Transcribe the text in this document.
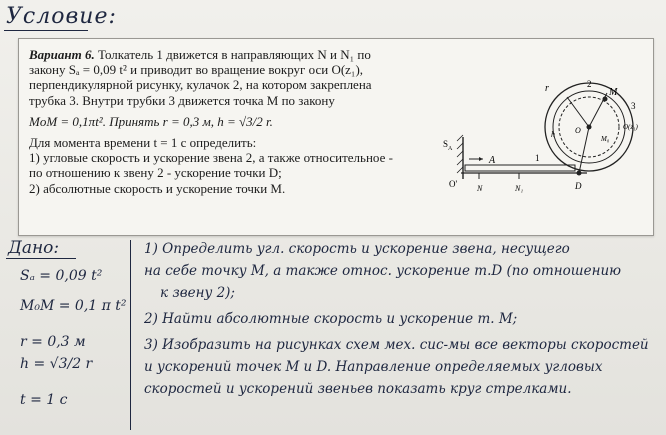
Условие:

Вариант 6. Толкатель 1 движется в направляющих N и N₁ по

закону Sₐ = 0,09 t² и приводит во вращение вокруг оси O(z₁),

перпендикулярной рисунку, кулачок 2, на котором закреплена

трубка 3. Внутри трубки 3 движется точка M по закону

MoM = 0,1πt². Принять r = 0,3 м, h = √3/2 r.

Для момента времени t = 1 с определить:

1) угловые скорость и ускорение звена 2, а также относительное -

по отношению к звену 2 - ускорение точки D;

2) абсолютные скорость и ускорение точки M.

$S_A$
O'
A	1
N	N₁	D
r	2
M
3
O(z₁)
O
M₀
h
Дано:
Sₐ = 0,09 t²
M₀M = 0,1 π t²
r = 0,3 м
h = √3/2 r
t = 1 с
1) Определить угл. скорость и ускорение звена, несущего
на себе точку M, а также относ. ускорение т.D (по отношению
к звену 2);
2) Найти абсолютные скорость и ускорение т. M;
3) Изобразить на рисунках схем мех. сис-мы все векторы скоростей
и ускорений точек M и D. Направление определяемых угловых
скоростей и ускорений звеньев показать круг стрелками.
